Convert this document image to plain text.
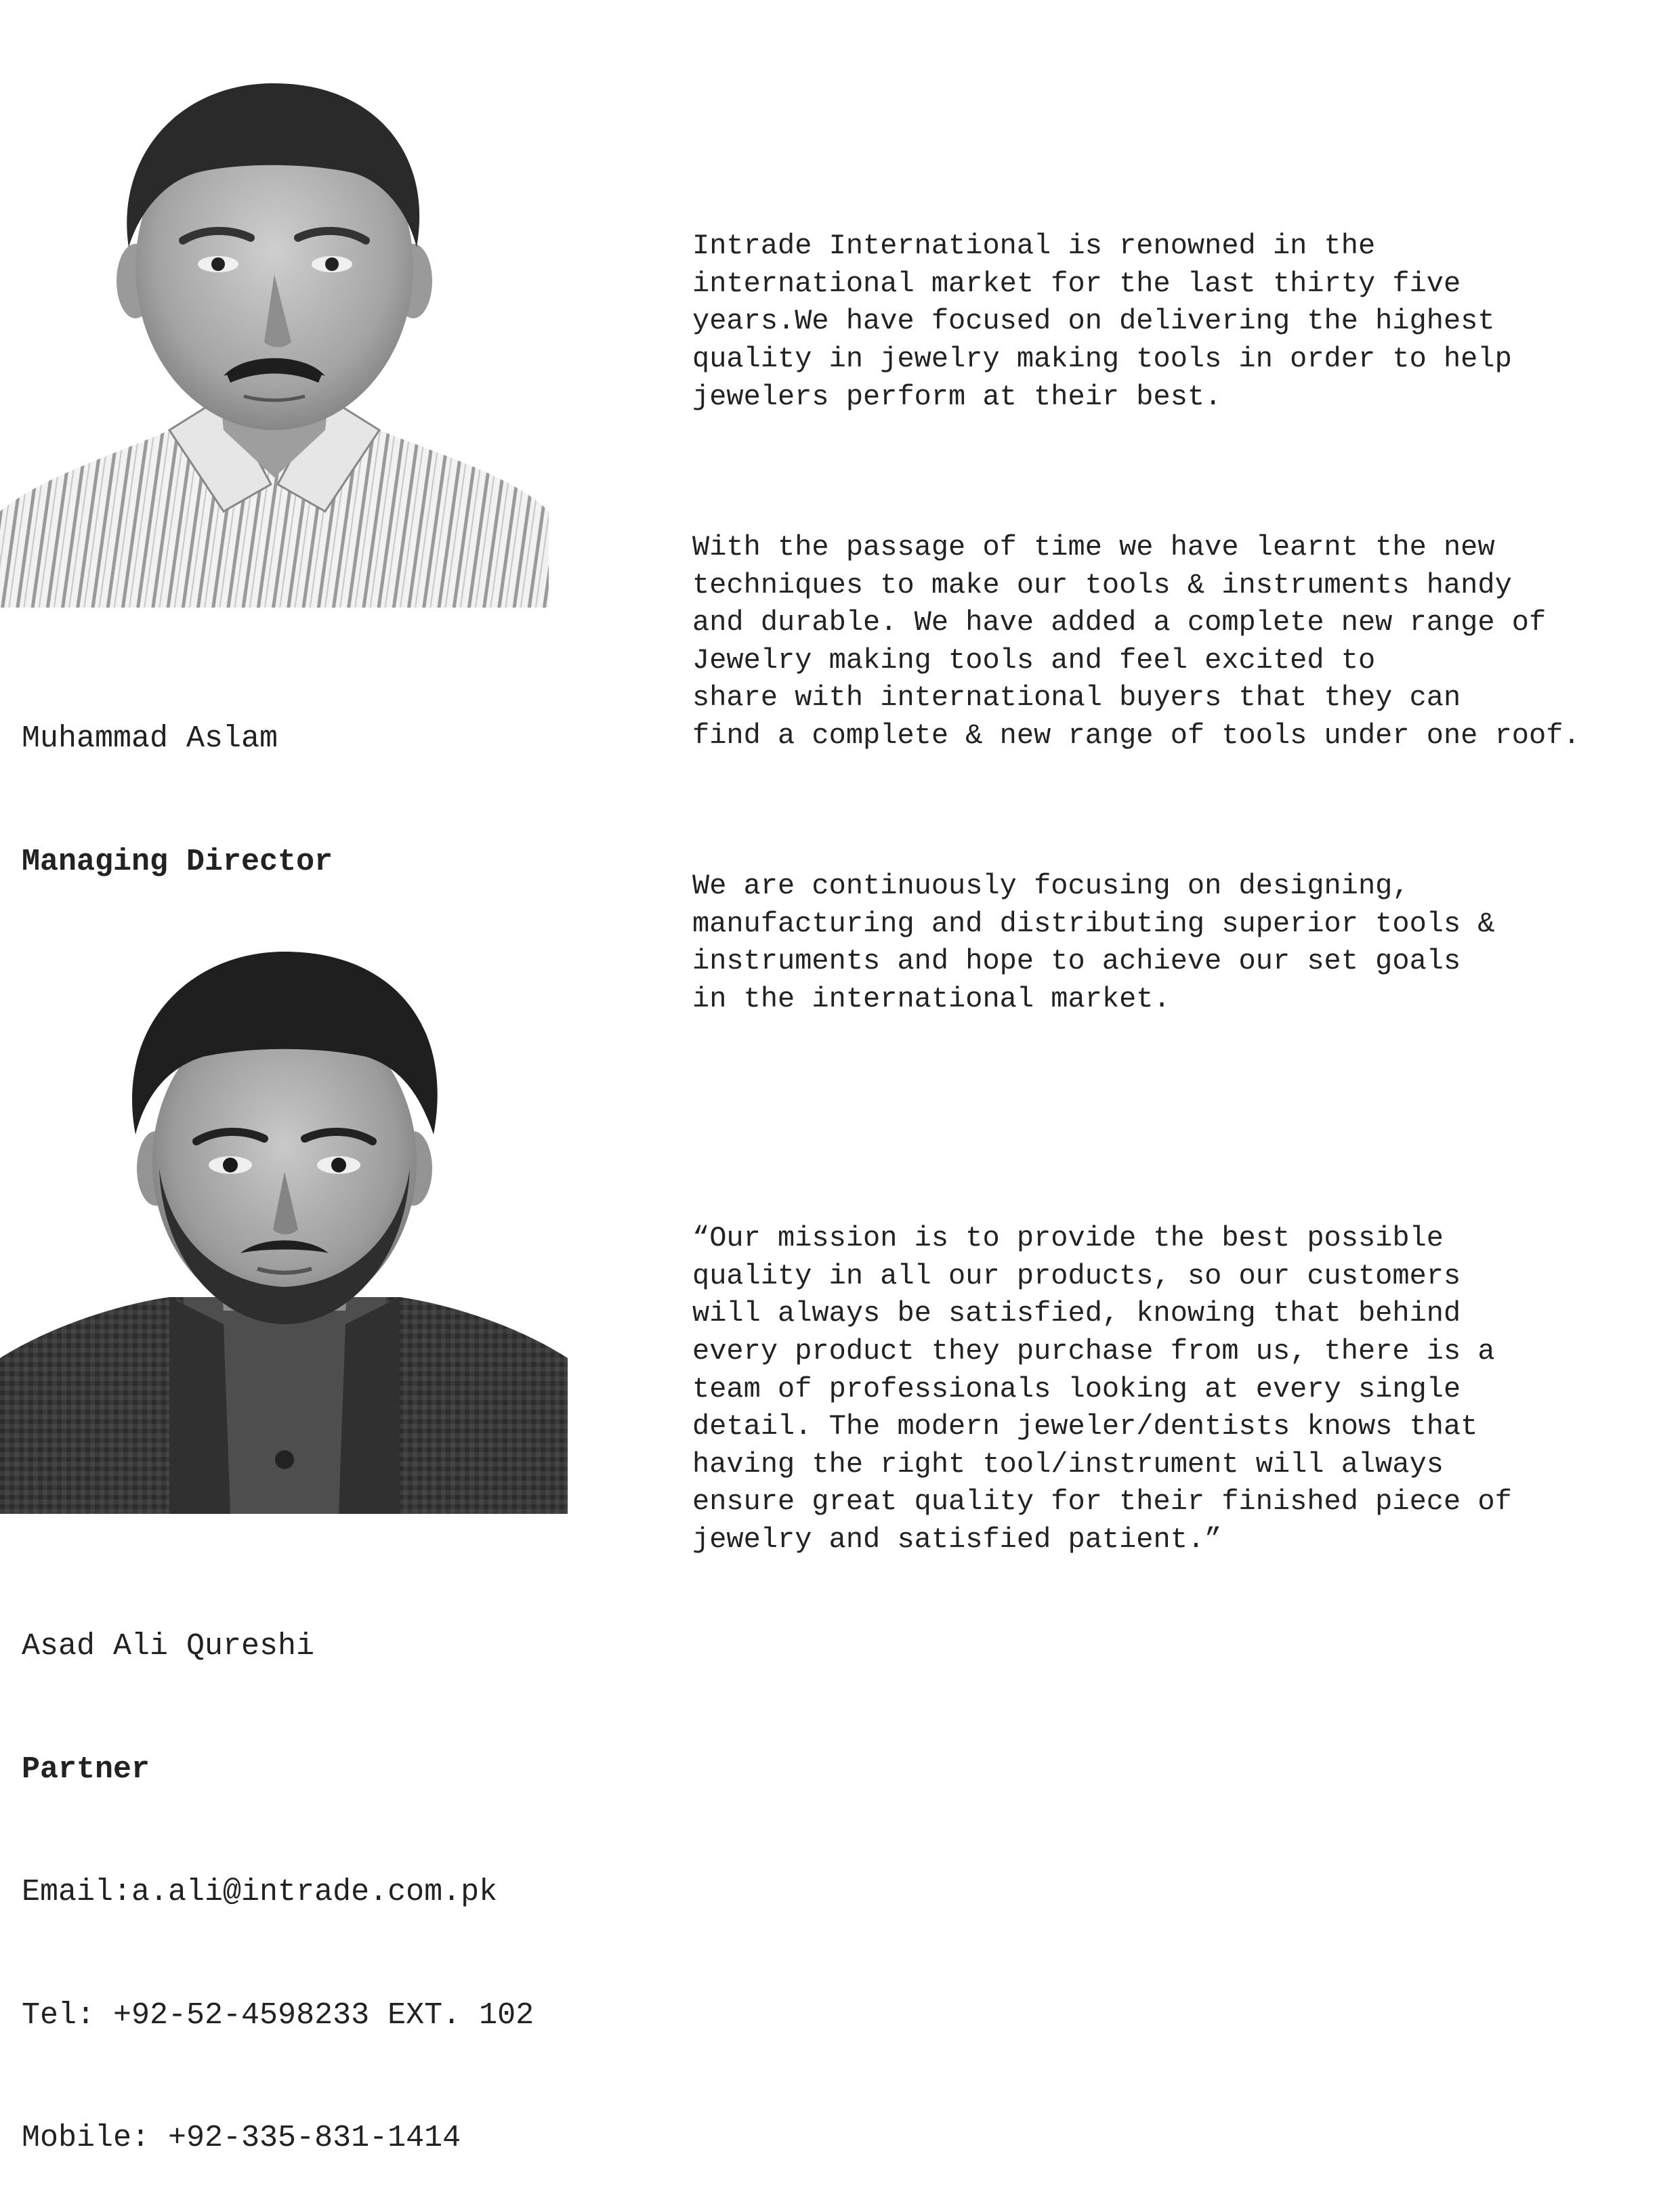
Muhammad Aslam

Managing Director

Intrade International is renowned in the
international market for the last thirty five
years.We have focused on delivering the highest
quality in jewelry making tools in order to help
jewelers perform at their best.

With the passage of time we have learnt the new
techniques to make our tools & instruments handy
and durable. We have added a complete new range of
Jewelry making tools and feel excited to
share with international buyers that they can
find a complete & new range of tools under one roof.

We are continuously focusing on designing,
manufacturing and distributing superior tools &
instruments and hope to achieve our set goals
in the international market.

Asad Ali Qureshi

Partner

Email:a.ali@intrade.com.pk

Tel: +92-52-4598233 EXT. 102

Mobile: +92-335-831-1414

“Our mission is to provide the best possible
quality in all our products, so our customers
will always be satisfied, knowing that behind
every product they purchase from us, there is a
team of professionals looking at every single
detail. The modern jeweler/dentists knows that
having the right tool/instrument will always
ensure great quality for their finished piece of
jewelry and satisfied patient.”
